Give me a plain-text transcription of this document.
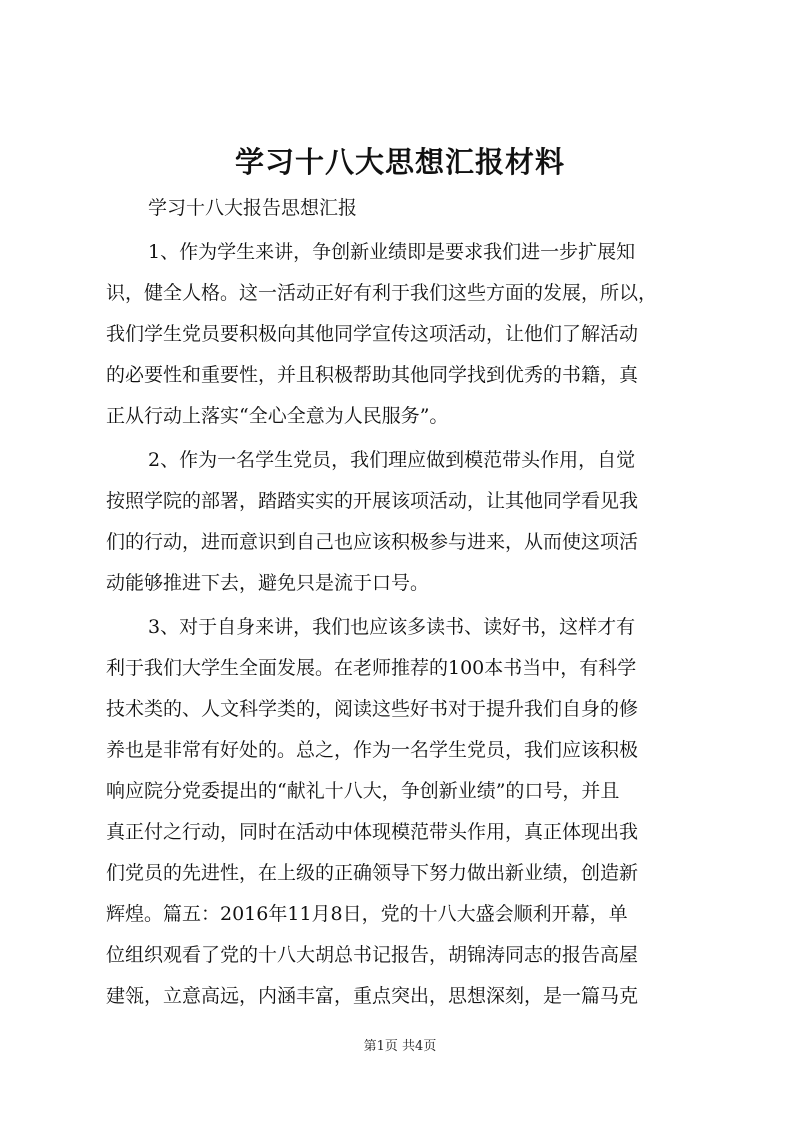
学习十八大思想汇报材料
学习十八大报告思想汇报
1、作为学生来讲，争创新业绩即是要求我们进一步扩展知
识，健全人格。这一活动正好有利于我们这些方面的发展，所以，
我们学生党员要积极向其他同学宣传这项活动，让他们了解活动
的必要性和重要性，并且积极帮助其他同学找到优秀的书籍，真
正从行动上落实“全心全意为人民服务”。
2、作为一名学生党员，我们理应做到模范带头作用，自觉
按照学院的部署，踏踏实实的开展该项活动，让其他同学看见我
们的行动，进而意识到自己也应该积极参与进来，从而使这项活
动能够推进下去，避免只是流于口号。
3、对于自身来讲，我们也应该多读书、读好书，这样才有
利于我们大学生全面发展。在老师推荐的100本书当中，有科学
技术类的、人文科学类的，阅读这些好书对于提升我们自身的修
养也是非常有好处的。总之，作为一名学生党员，我们应该积极
响应院分党委提出的“献礼十八大，争创新业绩”的口号，并且
真正付之行动，同时在活动中体现模范带头作用，真正体现出我
们党员的先进性，在上级的正确领导下努力做出新业绩，创造新
辉煌。篇五：2016年11月8日，党的十八大盛会顺利开幕，单
位组织观看了党的十八大胡总书记报告，胡锦涛同志的报告高屋
建瓴，立意高远，内涵丰富，重点突出，思想深刻，是一篇马克
第1页 共4页
